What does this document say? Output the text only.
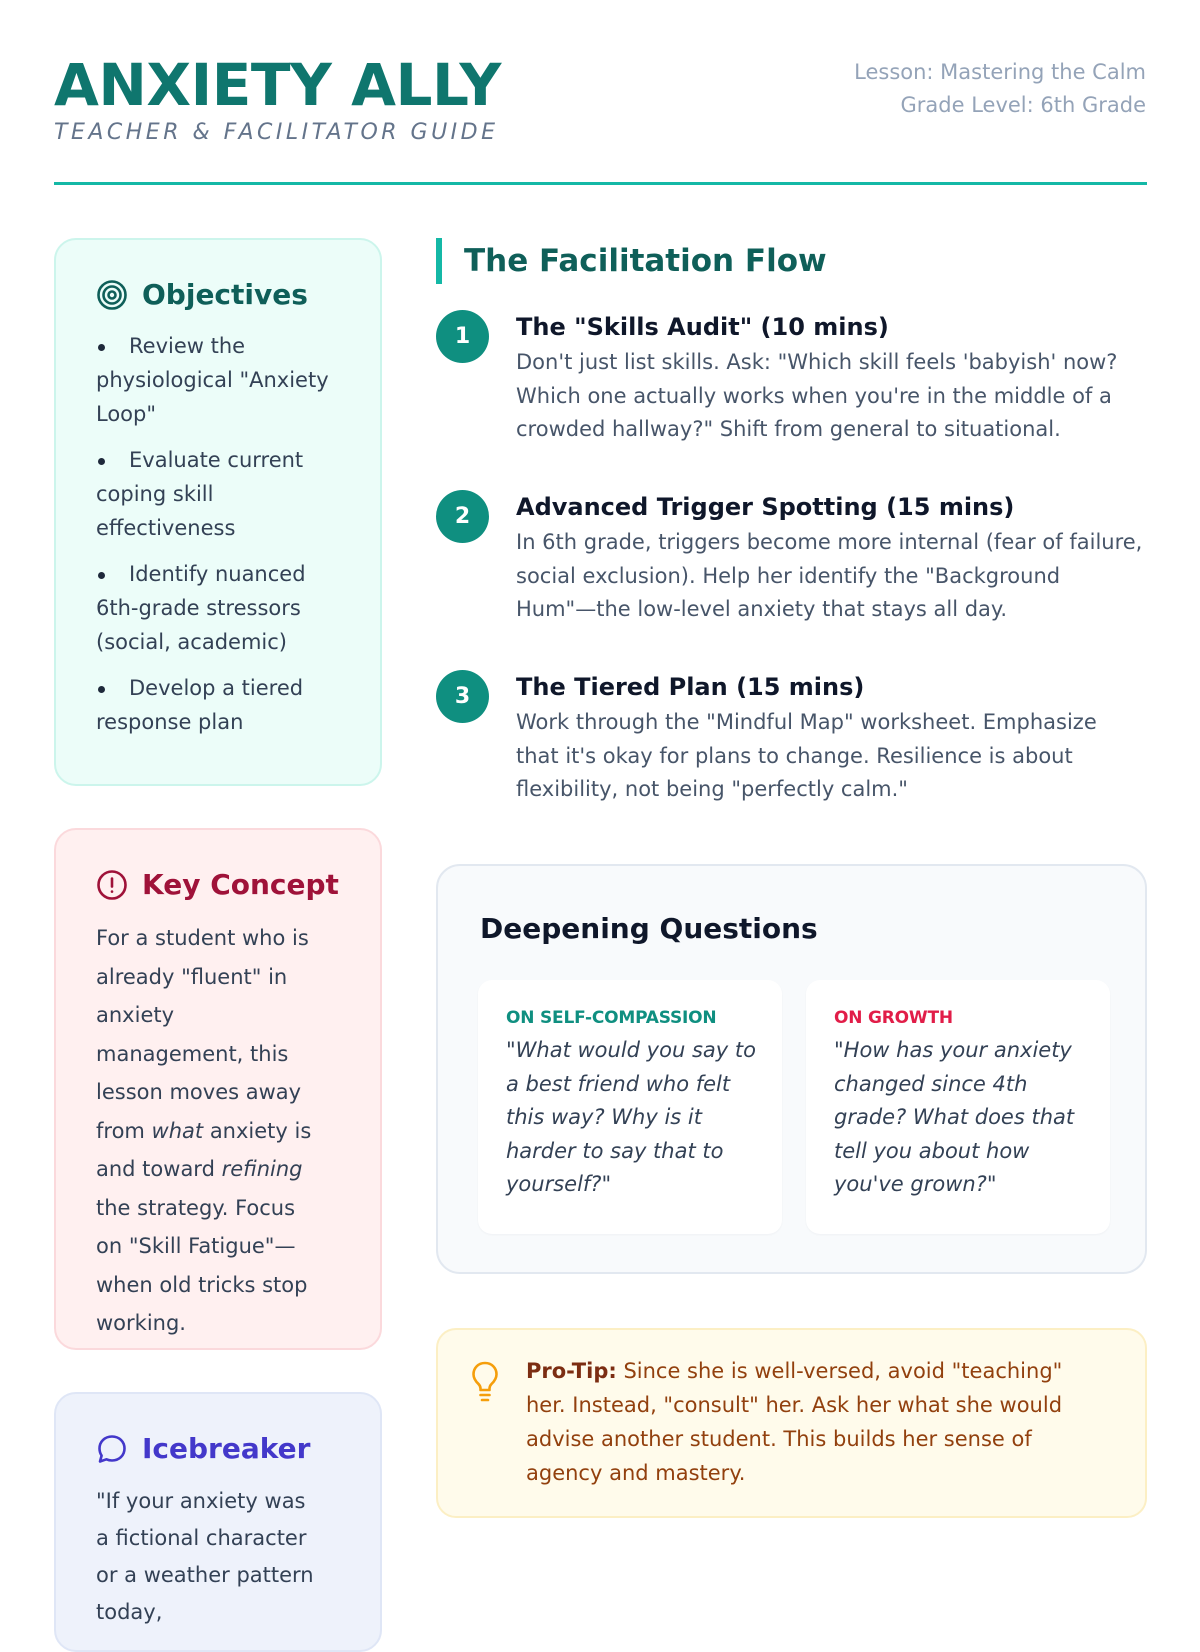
ANXIETY ALLY
TEACHER & FACILITATOR GUIDE
Lesson: Mastering the Calm
Grade Level: 6th Grade
Objectives
Review the physiological "Anxiety Loop"
Evaluate current coping skill effectiveness
Identify nuanced 6th-grade stressors (social, academic)
Develop a tiered response plan
Key Concept

For a student who is already "fluent" in anxiety management, this lesson moves away from what anxiety is and toward refining the strategy. Focus on "Skill Fatigue"—when old tricks stop working.

Icebreaker

"If your anxiety was a fictional character or a weather pattern today,

The Facilitation Flow
1	The "Skills Audit" (10 mins)

Don't just list skills. Ask: "Which skill feels 'babyish' now? Which one actually works when you're in the middle of a crowded hallway?" Shift from general to situational.

2	Advanced Trigger Spotting (15 mins)

In 6th grade, triggers become more internal (fear of failure, social exclusion). Help her identify the "Background Hum"—the low-level anxiety that stays all day.

3	The Tiered Plan (15 mins)

Work through the "Mindful Map" worksheet. Emphasize that it's okay for plans to change. Resilience is about flexibility, not being "perfectly calm."

Deepening Questions
ON SELF-COMPASSION
"What would you say to a best friend who felt this way? Why is it harder to say that to yourself?"
ON GROWTH
"How has your anxiety changed since 4th grade? What does that tell you about how you've grown?"

Pro-Tip: Since she is well-versed, avoid "teaching" her. Instead, "consult" her. Ask her what she would advise another student. This builds her sense of agency and mastery.
